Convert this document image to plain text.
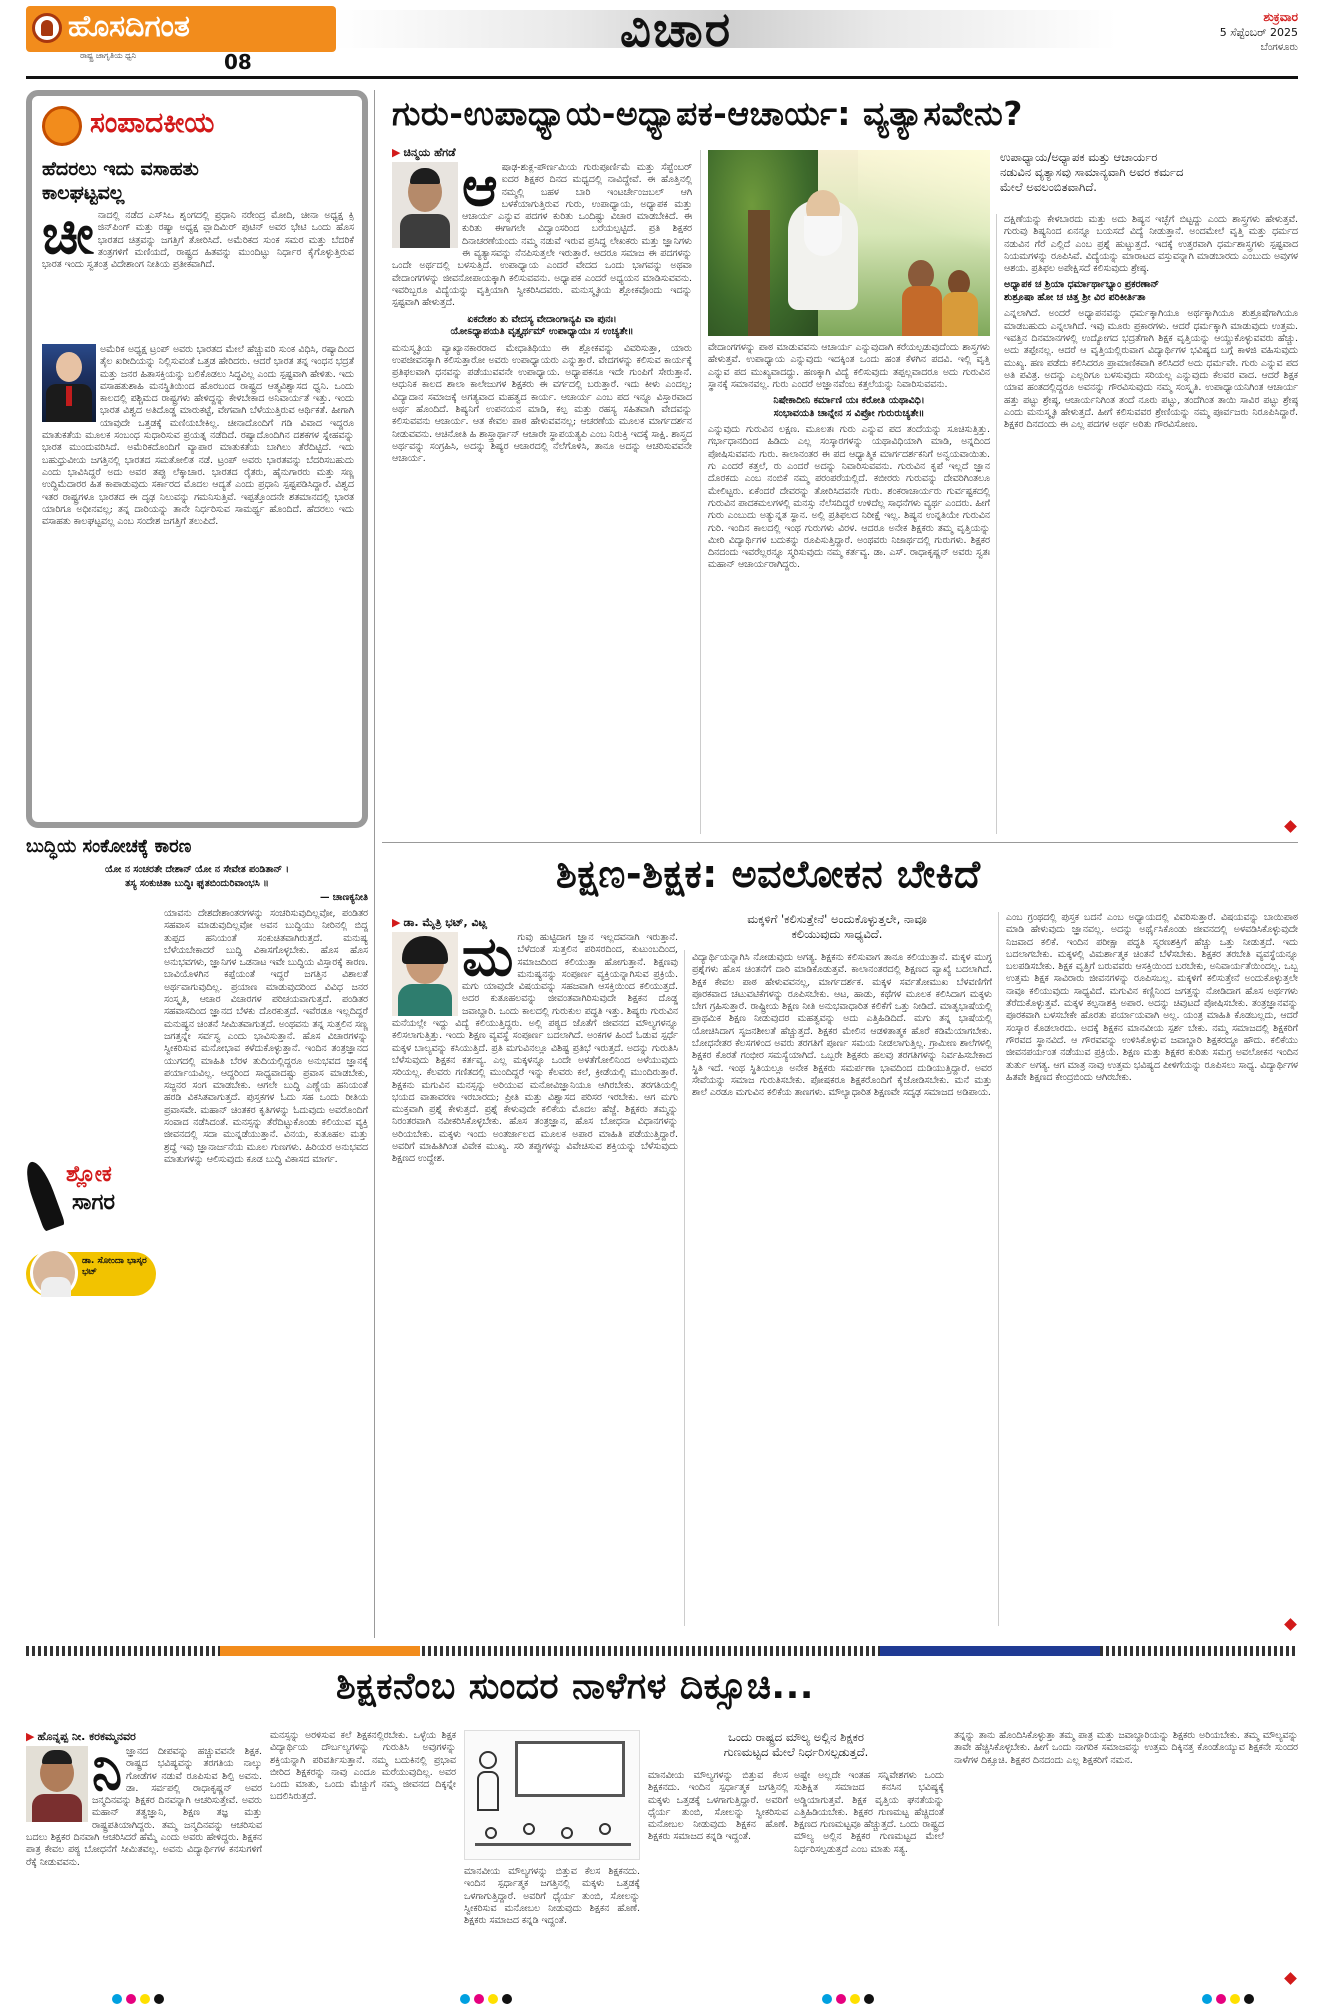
ಹೊಸದಿಗಂತ
ರಾಷ್ಟ್ರ ಜಾಗೃತಿಯ ಧ್ವನಿ	08
ವಿಚಾರ	ಶುಕ್ರವಾರ
5 ಸೆಪ್ಟೆಂಬರ್ 2025
ಬೆಂಗಳೂರು
ಸಂಪಾದಕೀಯ
ಹೆದರಲು ಇದು ವಸಾಹತು
ಕಾಲಘಟ್ಟವಲ್ಲ
ಚೀ ನಾದಲ್ಲಿ ನಡೆದ ಎಸ್‌ಸಿಒ ಶೃಂಗದಲ್ಲಿ ಪ್ರಧಾನಿ ನರೇಂದ್ರ ಮೋದಿ, ಚೀನಾ ಅಧ್ಯಕ್ಷ ಕ್ಸಿ ಜಿನ್‌ಪಿಂಗ್ ಮತ್ತು ರಷ್ಯಾ ಅಧ್ಯಕ್ಷ ವ್ಲಾದಿಮಿರ್ ಪುಟಿನ್ ಅವರ ಭೇಟಿ ಒಂದು ಹೊಸ ಭಾರತದ ಚಿತ್ರವನ್ನು ಜಗತ್ತಿಗೆ ತೋರಿಸಿದೆ. ಅಮೆರಿಕದ ಸುಂಕ ಸಮರ ಮತ್ತು ಬೆದರಿಕೆ ತಂತ್ರಗಳಿಗೆ ಮಣಿಯದೆ, ರಾಷ್ಟ್ರದ ಹಿತವನ್ನು ಮುಂದಿಟ್ಟು ನಿರ್ಧಾರ ಕೈಗೊಳ್ಳುತ್ತಿರುವ ಭಾರತ ಇಂದು ಸ್ವತಂತ್ರ ವಿದೇಶಾಂಗ ನೀತಿಯ ಪ್ರತೀಕವಾಗಿದೆ.
ಅಮೆರಿಕ ಅಧ್ಯಕ್ಷ ಟ್ರಂಪ್ ಅವರು ಭಾರತದ ಮೇಲೆ ಹೆಚ್ಚುವರಿ ಸುಂಕ ವಿಧಿಸಿ, ರಷ್ಯಾದಿಂದ ತೈಲ ಖರೀದಿಯನ್ನು ನಿಲ್ಲಿಸುವಂತೆ ಒತ್ತಡ ಹೇರಿದರು. ಆದರೆ ಭಾರತ ತನ್ನ ಇಂಧನ ಭದ್ರತೆ ಮತ್ತು ಜನರ ಹಿತಾಸಕ್ತಿಯನ್ನು ಬಲಿಕೊಡಲು ಸಿದ್ಧವಿಲ್ಲ ಎಂದು ಸ್ಪಷ್ಟವಾಗಿ ಹೇಳಿತು. ಇದು ವಸಾಹತುಶಾಹಿ ಮನಸ್ಥಿತಿಯಿಂದ ಹೊರಬಂದ ರಾಷ್ಟ್ರದ ಆತ್ಮವಿಶ್ವಾಸದ ಧ್ವನಿ. ಒಂದು ಕಾಲದಲ್ಲಿ ಪಶ್ಚಿಮದ ರಾಷ್ಟ್ರಗಳು ಹೇಳಿದ್ದನ್ನು ಕೇಳಬೇಕಾದ ಅನಿವಾರ್ಯತೆ ಇತ್ತು. ಇಂದು ಭಾರತ ವಿಶ್ವದ ಅತಿದೊಡ್ಡ ಮಾರುಕಟ್ಟೆ, ವೇಗವಾಗಿ ಬೆಳೆಯುತ್ತಿರುವ ಆರ್ಥಿಕತೆ. ಹೀಗಾಗಿ ಯಾವುದೇ ಒತ್ತಡಕ್ಕೆ ಮಣಿಯಬೇಕಿಲ್ಲ. ಚೀನಾದೊಂದಿಗೆ ಗಡಿ ವಿವಾದ ಇದ್ದರೂ ಮಾತುಕತೆಯ ಮೂಲಕ ಸಂಬಂಧ ಸುಧಾರಿಸುವ ಪ್ರಯತ್ನ ನಡೆದಿದೆ. ರಷ್ಯಾದೊಂದಿಗಿನ ದಶಕಗಳ ಸ್ನೇಹವನ್ನು ಭಾರತ ಮುಂದುವರಿಸಿದೆ. ಅಮೆರಿಕದೊಂದಿಗೆ ವ್ಯಾಪಾರ ಮಾತುಕತೆಯ ಬಾಗಿಲು ತೆರೆದಿಟ್ಟಿದೆ. ಇದು ಬಹುಧ್ರುವೀಯ ಜಗತ್ತಿನಲ್ಲಿ ಭಾರತದ ಸಮತೋಲಿತ ನಡೆ. ಟ್ರಂಪ್ ಅವರು ಭಾರತವನ್ನು ಬೆದರಿಸಬಹುದು ಎಂದು ಭಾವಿಸಿದ್ದರೆ ಅದು ಅವರ ತಪ್ಪು ಲೆಕ್ಕಾಚಾರ. ಭಾರತದ ರೈತರು, ಹೈನುಗಾರರು ಮತ್ತು ಸಣ್ಣ ಉದ್ದಿಮೆದಾರರ ಹಿತ ಕಾಪಾಡುವುದು ಸರ್ಕಾರದ ಮೊದಲ ಆದ್ಯತೆ ಎಂದು ಪ್ರಧಾನಿ ಸ್ಪಷ್ಟಪಡಿಸಿದ್ದಾರೆ. ವಿಶ್ವದ ಇತರ ರಾಷ್ಟ್ರಗಳೂ ಭಾರತದ ಈ ದೃಢ ನಿಲುವನ್ನು ಗಮನಿಸುತ್ತಿವೆ. ಇಪ್ಪತ್ತೊಂದನೇ ಶತಮಾನದಲ್ಲಿ ಭಾರತ ಯಾರಿಗೂ ಅಧೀನವಲ್ಲ; ತನ್ನ ದಾರಿಯನ್ನು ತಾನೇ ನಿರ್ಧರಿಸುವ ಸಾಮರ್ಥ್ಯ ಹೊಂದಿದೆ. ಹೆದರಲು ಇದು ವಸಾಹತು ಕಾಲಘಟ್ಟವಲ್ಲ ಎಂಬ ಸಂದೇಶ ಜಗತ್ತಿಗೆ ತಲುಪಿದೆ.
ಬುದ್ಧಿಯ ಸಂಕೋಚಕ್ಕೆ ಕಾರಣ
ಯೋ ನ ಸಂಚರತೇ ದೇಶಾನ್ ಯೋ ನ ಸೇವೇತ ಪಂಡಿತಾನ್ ।
ತಸ್ಯ ಸಂಕುಚಿತಾ ಬುದ್ಧಿಃ ಘೃತಬಿಂದುರಿವಾಂಭಸಿ ॥
— ಚಾಣಕ್ಯನೀತಿ
ಯಾವನು ದೇಶದೇಶಾಂತರಗಳನ್ನು ಸಂಚರಿಸುವುದಿಲ್ಲವೋ, ಪಂಡಿತರ ಸಹವಾಸ ಮಾಡುವುದಿಲ್ಲವೋ ಅವನ ಬುದ್ಧಿಯು ನೀರಿನಲ್ಲಿ ಬಿದ್ದ ತುಪ್ಪದ ಹನಿಯಂತೆ ಸಂಕುಚಿತವಾಗಿರುತ್ತದೆ. ಮನುಷ್ಯ ಬೆಳೆಯಬೇಕಾದರೆ ಬುದ್ಧಿ ವಿಕಾಸಗೊಳ್ಳಬೇಕು. ಹೊಸ ಹೊಸ ಅನುಭವಗಳು, ಜ್ಞಾನಿಗಳ ಒಡನಾಟ ಇವೇ ಬುದ್ಧಿಯ ವಿಸ್ತಾರಕ್ಕೆ ಕಾರಣ. ಬಾವಿಯೊಳಗಿನ ಕಪ್ಪೆಯಂತೆ ಇದ್ದರೆ ಜಗತ್ತಿನ ವಿಶಾಲತೆ ಅರ್ಥವಾಗುವುದಿಲ್ಲ. ಪ್ರಯಾಣ ಮಾಡುವುದರಿಂದ ವಿವಿಧ ಜನರ ಸಂಸ್ಕೃತಿ, ಆಚಾರ ವಿಚಾರಗಳ ಪರಿಚಯವಾಗುತ್ತದೆ. ಪಂಡಿತರ ಸಹವಾಸದಿಂದ ಜ್ಞಾನದ ಬೆಳಕು ದೊರಕುತ್ತದೆ. ಇವೆರಡೂ ಇಲ್ಲದಿದ್ದರೆ ಮನುಷ್ಯನ ಚಿಂತನೆ ಸೀಮಿತವಾಗುತ್ತದೆ. ಅಂಥವನು ತನ್ನ ಸುತ್ತಲಿನ ಸಣ್ಣ ಜಗತ್ತನ್ನೇ ಸರ್ವಸ್ವ ಎಂದು ಭಾವಿಸುತ್ತಾನೆ. ಹೊಸ ವಿಚಾರಗಳನ್ನು ಸ್ವೀಕರಿಸುವ ಮನೋಭಾವ ಕಳೆದುಕೊಳ್ಳುತ್ತಾನೆ. ಇಂದಿನ ತಂತ್ರಜ್ಞಾನದ ಯುಗದಲ್ಲಿ ಮಾಹಿತಿ ಬೆರಳ ತುದಿಯಲ್ಲಿದ್ದರೂ ಅನುಭವದ ಜ್ಞಾನಕ್ಕೆ ಪರ್ಯಾಯವಿಲ್ಲ. ಆದ್ದರಿಂದ ಸಾಧ್ಯವಾದಷ್ಟು ಪ್ರವಾಸ ಮಾಡಬೇಕು, ಸಜ್ಜನರ ಸಂಗ ಮಾಡಬೇಕು. ಆಗಲೇ ಬುದ್ಧಿ ಎಣ್ಣೆಯ ಹನಿಯಂತೆ ಹರಡಿ ವಿಕಸಿತವಾಗುತ್ತದೆ. ಪುಸ್ತಕಗಳ ಓದು ಸಹ ಒಂದು ರೀತಿಯ ಪ್ರವಾಸವೇ. ಮಹಾನ್ ಚಿಂತಕರ ಕೃತಿಗಳನ್ನು ಓದುವುದು ಅವರೊಂದಿಗೆ ಸಂವಾದ ನಡೆಸಿದಂತೆ. ಮನಸ್ಸನ್ನು ತೆರೆದಿಟ್ಟುಕೊಂಡು ಕಲಿಯುವ ವ್ಯಕ್ತಿ ಜೀವನದಲ್ಲಿ ಸದಾ ಮುನ್ನಡೆಯುತ್ತಾನೆ. ವಿನಯ, ಕುತೂಹಲ ಮತ್ತು ಶ್ರದ್ಧೆ ಇವು ಜ್ಞಾನಾರ್ಜನೆಯ ಮೂಲ ಗುಣಗಳು. ಹಿರಿಯರ ಅನುಭವದ ಮಾತುಗಳನ್ನು ಆಲಿಸುವುದು ಕೂಡ ಬುದ್ಧಿ ವಿಕಾಸದ ಮಾರ್ಗ.
ಶ್ಲೋಕ
ಸಾಗರ
ಡಾ. ಸೋಂದಾ ಭಾಸ್ಕರ ಭಟ್
ಗುರು-ಉಪಾಧ್ಯಾಯ-ಅಧ್ಯಾಪಕ-ಆಚಾರ್ಯ: ವ್ಯತ್ಯಾಸವೇನು?
▶ ಚಿನ್ಮಯ ಹೆಗಡೆ
ಆ ಷಾಢ-ಶುಕ್ಲ-ಪೌರ್ಣಮಿಯ ಗುರುಪೂರ್ಣಿಮೆ ಮತ್ತು ಸೆಪ್ಟೆಂಬರ್ ಐದರ ಶಿಕ್ಷಕರ ದಿನದ ಮಧ್ಯದಲ್ಲಿ ನಾವಿದ್ದೇವೆ. ಈ ಹೊತ್ತಿನಲ್ಲಿ ನಮ್ಮಲ್ಲಿ ಬಹಳ ಬಾರಿ ಇಂಟರ್ಚೇಂಜಬಲ್ ಆಗಿ ಬಳಕೆಯಾಗುತ್ತಿರುವ ಗುರು, ಉಪಾಧ್ಯಾಯ, ಅಧ್ಯಾಪಕ ಮತ್ತು ಆಚಾರ್ಯ ಎನ್ನುವ ಪದಗಳ ಕುರಿತು ಒಂದಿಷ್ಟು ವಿಚಾರ ಮಾಡಬೇಕಿದೆ. ಈ ಕುರಿತು ಈಗಾಗಲೇ ವಿದ್ವಾಂಸರಿಂದ ಬರೆಯಲ್ಪಟ್ಟಿದೆ. ಪ್ರತಿ ಶಿಕ್ಷಕರ ದಿನಾಚರಣೆಯಂದು ನಮ್ಮ ನಡುವೆ ಇರುವ ಪ್ರಸಿದ್ಧ ಲೇಖಕರು ಮತ್ತು ಜ್ಞಾನಿಗಳು ಈ ವ್ಯತ್ಯಾಸವನ್ನು ನೆನಪಿಸುತ್ತಲೇ ಇರುತ್ತಾರೆ. ಆದರೂ ಸಮಾಜ ಈ ಪದಗಳನ್ನು ಒಂದೇ ಅರ್ಥದಲ್ಲಿ ಬಳಸುತ್ತಿದೆ. ಉಪಾಧ್ಯಾಯ ಎಂದರೆ ವೇದದ ಒಂದು ಭಾಗವನ್ನು ಅಥವಾ ವೇದಾಂಗಗಳನ್ನು ಜೀವನೋಪಾಯಕ್ಕಾಗಿ ಕಲಿಸುವವನು. ಅಧ್ಯಾಪಕ ಎಂದರೆ ಅಧ್ಯಯನ ಮಾಡಿಸುವವನು. ಇವರಿಬ್ಬರೂ ವಿದ್ಯೆಯನ್ನು ವೃತ್ತಿಯಾಗಿ ಸ್ವೀಕರಿಸಿದವರು. ಮನುಸ್ಮೃತಿಯ ಶ್ಲೋಕವೊಂದು ಇದನ್ನು ಸ್ಪಷ್ಟವಾಗಿ ಹೇಳುತ್ತದೆ.
ಏಕದೇಶಂ ತು ವೇದಸ್ಯ ವೇದಾಂಗಾನ್ಯಪಿ ವಾ ಪುನಃ।
ಯೋಽಧ್ಯಾಪಯತಿ ವೃತ್ತ್ಯರ್ಥಮ್ ಉಪಾಧ್ಯಾಯಃ ಸ ಉಚ್ಯತೇ॥
ಮನುಸ್ಮೃತಿಯ ವ್ಯಾಖ್ಯಾನಕಾರರಾದ ಮೇಧಾತಿಥಿಯು ಈ ಶ್ಲೋಕವನ್ನು ವಿವರಿಸುತ್ತಾ, ಯಾರು ಉಪಜೀವನಕ್ಕಾಗಿ ಕಲಿಸುತ್ತಾರೋ ಅವರು ಉಪಾಧ್ಯಾಯರು ಎನ್ನುತ್ತಾರೆ. ವೇದಗಳನ್ನು ಕಲಿಸುವ ಕಾರ್ಯಕ್ಕೆ ಪ್ರತಿಫಲವಾಗಿ ಧನವನ್ನು ಪಡೆಯುವವನೇ ಉಪಾಧ್ಯಾಯ. ಅಧ್ಯಾಪಕನೂ ಇದೇ ಗುಂಪಿಗೆ ಸೇರುತ್ತಾನೆ. ಆಧುನಿಕ ಕಾಲದ ಶಾಲಾ ಕಾಲೇಜುಗಳ ಶಿಕ್ಷಕರು ಈ ವರ್ಗದಲ್ಲಿ ಬರುತ್ತಾರೆ. ಇದು ಕೀಳು ಎಂದಲ್ಲ; ವಿದ್ಯಾದಾನ ಸಮಾಜಕ್ಕೆ ಅಗತ್ಯವಾದ ಮಹತ್ವದ ಕಾರ್ಯ. ಆಚಾರ್ಯ ಎಂಬ ಪದ ಇನ್ನೂ ವಿಸ್ತಾರವಾದ ಅರ್ಥ ಹೊಂದಿದೆ. ಶಿಷ್ಯನಿಗೆ ಉಪನಯನ ಮಾಡಿ, ಕಲ್ಪ ಮತ್ತು ರಹಸ್ಯ ಸಹಿತವಾಗಿ ವೇದವನ್ನು ಕಲಿಸುವವನು ಆಚಾರ್ಯ. ಆತ ಕೇವಲ ಪಾಠ ಹೇಳುವವನಲ್ಲ; ಆಚರಣೆಯ ಮೂಲಕ ಮಾರ್ಗದರ್ಶನ ನೀಡುವವನು. ಆಚಿನೋತಿ ಹಿ ಶಾಸ್ತ್ರಾರ್ಥಾನ್ ಆಚಾರೇ ಸ್ಥಾಪಯತ್ಯಪಿ ಎಂಬ ನಿರುಕ್ತಿ ಇದಕ್ಕೆ ಸಾಕ್ಷಿ. ಶಾಸ್ತ್ರದ ಅರ್ಥವನ್ನು ಸಂಗ್ರಹಿಸಿ, ಅದನ್ನು ಶಿಷ್ಯರ ಆಚಾರದಲ್ಲಿ ನೆಲೆಗೊಳಿಸಿ, ತಾನೂ ಅದನ್ನು ಆಚರಿಸುವವನೇ ಆಚಾರ್ಯ.
ಉಪಾಧ್ಯಾಯ/ಅಧ್ಯಾಪಕ ಮತ್ತು ಆಚಾರ್ಯರ
ನಡುವಿನ ವ್ಯತ್ಯಾಸವು ಸಾಮಾನ್ಯವಾಗಿ ಅವರ ಕರ್ಮದ
ಮೇಲೆ ಅವಲಂಬಿತವಾಗಿದೆ.
ವೇದಾಂಗಗಳನ್ನು ಪಾಠ ಮಾಡುವವನು ಆಚಾರ್ಯ ಎನ್ನುವುದಾಗಿ ಕರೆಯಲ್ಪಡುವುದೆಂದು ಶಾಸ್ತ್ರಗಳು ಹೇಳುತ್ತವೆ. ಉಪಾಧ್ಯಾಯ ಎನ್ನುವುದು ಇದಕ್ಕಿಂತ ಒಂದು ಹಂತ ಕೆಳಗಿನ ಪದವಿ. ಇಲ್ಲಿ ವೃತ್ತಿ ಎನ್ನುವ ಪದ ಮುಖ್ಯವಾದದ್ದು. ಹಣಕ್ಕಾಗಿ ವಿದ್ಯೆ ಕಲಿಸುವುದು ತಪ್ಪಲ್ಲವಾದರೂ ಅದು ಗುರುವಿನ ಸ್ಥಾನಕ್ಕೆ ಸಮಾನವಲ್ಲ. ಗುರು ಎಂದರೆ ಅಜ್ಞಾನವೆಂಬ ಕತ್ತಲೆಯನ್ನು ನಿವಾರಿಸುವವನು.
ನಿಷೇಕಾದೀನಿ ಕರ್ಮಾಣಿ ಯಃ ಕರೋತಿ ಯಥಾವಿಧಿ।
ಸಂಭಾವಯತಿ ಚಾನ್ನೇನ ಸ ವಿಪ್ರೋ ಗುರುರುಚ್ಯತೇ॥
ಎನ್ನುವುದು ಗುರುವಿನ ಲಕ್ಷಣ. ಮೂಲತಃ ಗುರು ಎನ್ನುವ ಪದ ತಂದೆಯನ್ನು ಸೂಚಿಸುತ್ತಿತ್ತು. ಗರ್ಭಾಧಾನದಿಂದ ಹಿಡಿದು ಎಲ್ಲ ಸಂಸ್ಕಾರಗಳನ್ನು ಯಥಾವಿಧಿಯಾಗಿ ಮಾಡಿ, ಅನ್ನದಿಂದ ಪೋಷಿಸುವವನು ಗುರು. ಕಾಲಾನಂತರ ಈ ಪದ ಆಧ್ಯಾತ್ಮಿಕ ಮಾರ್ಗದರ್ಶಕನಿಗೆ ಅನ್ವಯವಾಯಿತು. ಗು ಎಂದರೆ ಕತ್ತಲೆ, ರು ಎಂದರೆ ಅದನ್ನು ನಿವಾರಿಸುವವನು. ಗುರುವಿನ ಕೃಪೆ ಇಲ್ಲದೆ ಜ್ಞಾನ ದೊರಕದು ಎಂಬ ನಂಬಿಕೆ ನಮ್ಮ ಪರಂಪರೆಯಲ್ಲಿದೆ. ಕಬೀರರು ಗುರುವನ್ನು ದೇವರಿಗಿಂತಲೂ ಮೇಲಿಟ್ಟರು. ಏಕೆಂದರೆ ದೇವರನ್ನು ತೋರಿಸಿದವನೇ ಗುರು. ಶಂಕರಾಚಾರ್ಯರು ಗುರ್ವಷ್ಟಕದಲ್ಲಿ ಗುರುವಿನ ಪಾದಕಮಲಗಳಲ್ಲಿ ಮನಸ್ಸು ನೆಲೆಸದಿದ್ದರೆ ಉಳಿದೆಲ್ಲ ಸಾಧನೆಗಳು ವ್ಯರ್ಥ ಎಂದರು. ಹೀಗೆ ಗುರು ಎಂಬುದು ಅತ್ಯುನ್ನತ ಸ್ಥಾನ. ಅಲ್ಲಿ ಪ್ರತಿಫಲದ ನಿರೀಕ್ಷೆ ಇಲ್ಲ. ಶಿಷ್ಯನ ಉನ್ನತಿಯೇ ಗುರುವಿನ ಗುರಿ. ಇಂದಿನ ಕಾಲದಲ್ಲಿ ಇಂಥ ಗುರುಗಳು ವಿರಳ. ಆದರೂ ಅನೇಕ ಶಿಕ್ಷಕರು ತಮ್ಮ ವೃತ್ತಿಯನ್ನು ಮೀರಿ ವಿದ್ಯಾರ್ಥಿಗಳ ಬದುಕನ್ನು ರೂಪಿಸುತ್ತಿದ್ದಾರೆ. ಅಂಥವರು ನಿಜಾರ್ಥದಲ್ಲಿ ಗುರುಗಳು. ಶಿಕ್ಷಕರ ದಿನದಂದು ಇವರೆಲ್ಲರನ್ನೂ ಸ್ಮರಿಸುವುದು ನಮ್ಮ ಕರ್ತವ್ಯ. ಡಾ. ಎಸ್. ರಾಧಾಕೃಷ್ಣನ್ ಅವರು ಸ್ವತಃ ಮಹಾನ್ ಆಚಾರ್ಯರಾಗಿದ್ದರು.
ದಕ್ಷಿಣೆಯನ್ನು ಕೇಳಬಾರದು ಮತ್ತು ಅದು ಶಿಷ್ಯನ ಇಚ್ಛೆಗೆ ಬಿಟ್ಟದ್ದು ಎಂದು ಶಾಸ್ತ್ರಗಳು ಹೇಳುತ್ತವೆ. ಗುರುವು ಶಿಷ್ಯನಿಂದ ಏನನ್ನೂ ಬಯಸದೆ ವಿದ್ಯೆ ನೀಡುತ್ತಾನೆ. ಅಂದಮೇಲೆ ವೃತ್ತಿ ಮತ್ತು ಧರ್ಮದ ನಡುವಿನ ಗೆರೆ ಎಲ್ಲಿದೆ ಎಂಬ ಪ್ರಶ್ನೆ ಹುಟ್ಟುತ್ತದೆ. ಇದಕ್ಕೆ ಉತ್ತರವಾಗಿ ಧರ್ಮಶಾಸ್ತ್ರಗಳು ಸ್ಪಷ್ಟವಾದ ನಿಯಮಗಳನ್ನು ರೂಪಿಸಿವೆ. ವಿದ್ಯೆಯನ್ನು ಮಾರಾಟದ ವಸ್ತುವನ್ನಾಗಿ ಮಾಡಬಾರದು ಎಂಬುದು ಅವುಗಳ ಆಶಯ. ಪ್ರತಿಫಲ ಅಪೇಕ್ಷಿಸದೆ ಕಲಿಸುವುದು ಶ್ರೇಷ್ಠ.
ಅಧ್ಯಾಪಕ ಚ ಶ್ರಿಯಾ ಧರ್ಮಾರ್ಥಾಭ್ಯಾಂ ಪ್ರಕರಣಾನ್
ಶುಶ್ರೂಷಾ ಹೋ ಚ ಚಿತ್ತ ಶ್ರೀ ವಿರ ಪರಿಕೀರ್ತಿತಾ
ಎನ್ನಲಾಗಿದೆ. ಅಂದರೆ ಅಧ್ಯಾಪನವನ್ನು ಧರ್ಮಕ್ಕಾಗಿಯೂ ಅರ್ಥಕ್ಕಾಗಿಯೂ ಶುಶ್ರೂಷೆಗಾಗಿಯೂ ಮಾಡಬಹುದು ಎನ್ನಲಾಗಿದೆ. ಇವು ಮೂರು ಪ್ರಕಾರಗಳು. ಆದರೆ ಧರ್ಮಕ್ಕಾಗಿ ಮಾಡುವುದು ಉತ್ತಮ. ಇವತ್ತಿನ ದಿನಮಾನಗಳಲ್ಲಿ ಉದ್ಯೋಗದ ಭದ್ರತೆಗಾಗಿ ಶಿಕ್ಷಕ ವೃತ್ತಿಯನ್ನು ಆಯ್ದುಕೊಳ್ಳುವವರು ಹೆಚ್ಚು. ಅದು ತಪ್ಪೇನಲ್ಲ. ಆದರೆ ಆ ವೃತ್ತಿಯಲ್ಲಿರುವಾಗ ವಿದ್ಯಾರ್ಥಿಗಳ ಭವಿಷ್ಯದ ಬಗ್ಗೆ ಕಾಳಜಿ ವಹಿಸುವುದು ಮುಖ್ಯ. ಹಣ ಪಡೆದು ಕಲಿಸಿದರೂ ಪ್ರಾಮಾಣಿಕವಾಗಿ ಕಲಿಸಿದರೆ ಅದು ಧರ್ಮವೇ. ಗುರು ಎನ್ನುವ ಪದ ಅತಿ ಪವಿತ್ರ. ಅದನ್ನು ಎಲ್ಲರಿಗೂ ಬಳಸುವುದು ಸರಿಯಲ್ಲ ಎನ್ನುವುದು ಕೆಲವರ ವಾದ. ಆದರೆ ಶಿಕ್ಷಕ ಯಾವ ಹಂತದಲ್ಲಿದ್ದರೂ ಅವನನ್ನು ಗೌರವಿಸುವುದು ನಮ್ಮ ಸಂಸ್ಕೃತಿ. ಉಪಾಧ್ಯಾಯನಿಗಿಂತ ಆಚಾರ್ಯ ಹತ್ತು ಪಟ್ಟು ಶ್ರೇಷ್ಠ, ಆಚಾರ್ಯನಿಗಿಂತ ತಂದೆ ನೂರು ಪಟ್ಟು, ತಂದೆಗಿಂತ ತಾಯಿ ಸಾವಿರ ಪಟ್ಟು ಶ್ರೇಷ್ಠ ಎಂದು ಮನುಸ್ಮೃತಿ ಹೇಳುತ್ತದೆ. ಹೀಗೆ ಕಲಿಸುವವರ ಶ್ರೇಣಿಯನ್ನು ನಮ್ಮ ಪೂರ್ವಜರು ನಿರೂಪಿಸಿದ್ದಾರೆ. ಶಿಕ್ಷಕರ ದಿನದಂದು ಈ ಎಲ್ಲ ಪದಗಳ ಅರ್ಥ ಅರಿತು ಗೌರವಿಸೋಣ.
ಶಿಕ್ಷಣ-ಶಿಕ್ಷಕ: ಅವಲೋಕನ ಬೇಕಿದೆ
▶ ಡಾ. ಮೈತ್ರಿ ಭಟ್, ವಿಟ್ಲ	ಮಕ್ಕಳಿಗೆ 'ಕಲಿಸುತ್ತೇನೆ' ಅಂದುಕೊಳ್ಳುತ್ತಲೇ, ನಾವೂ
ಕಲಿಯುವುದು ಸಾಧ್ಯವಿದೆ.
ಮ ಗುವು ಹುಟ್ಟಿದಾಗ ಜ್ಞಾನ ಇಲ್ಲದವನಾಗಿ ಇರುತ್ತಾನೆ. ಬೆಳೆದಂತೆ ಸುತ್ತಲಿನ ಪರಿಸರದಿಂದ, ಕುಟುಂಬದಿಂದ, ಸಮಾಜದಿಂದ ಕಲಿಯುತ್ತಾ ಹೋಗುತ್ತಾನೆ. ಶಿಕ್ಷಣವು ಮನುಷ್ಯನನ್ನು ಸಂಪೂರ್ಣ ವ್ಯಕ್ತಿಯನ್ನಾಗಿಸುವ ಪ್ರಕ್ರಿಯೆ. ಮಗು ಯಾವುದೇ ವಿಷಯವನ್ನು ಸಹಜವಾಗಿ ಆಸಕ್ತಿಯಿಂದ ಕಲಿಯುತ್ತದೆ. ಅದರ ಕುತೂಹಲವನ್ನು ಜೀವಂತವಾಗಿರಿಸುವುದೇ ಶಿಕ್ಷಕನ ದೊಡ್ಡ ಜವಾಬ್ದಾರಿ. ಒಂದು ಕಾಲದಲ್ಲಿ ಗುರುಕುಲ ಪದ್ಧತಿ ಇತ್ತು. ಶಿಷ್ಯರು ಗುರುವಿನ ಮನೆಯಲ್ಲೇ ಇದ್ದು ವಿದ್ಯೆ ಕಲಿಯುತ್ತಿದ್ದರು. ಅಲ್ಲಿ ಪಠ್ಯದ ಜೊತೆಗೆ ಜೀವನದ ಮೌಲ್ಯಗಳನ್ನೂ ಕಲಿಸಲಾಗುತ್ತಿತ್ತು. ಇಂದು ಶಿಕ್ಷಣ ವ್ಯವಸ್ಥೆ ಸಂಪೂರ್ಣ ಬದಲಾಗಿದೆ. ಅಂಕಗಳ ಹಿಂದೆ ಓಡುವ ಸ್ಪರ್ಧೆ ಮಕ್ಕಳ ಬಾಲ್ಯವನ್ನು ಕಸಿಯುತ್ತಿದೆ. ಪ್ರತಿ ಮಗುವಿನಲ್ಲೂ ವಿಶಿಷ್ಟ ಪ್ರತಿಭೆ ಇರುತ್ತದೆ. ಅದನ್ನು ಗುರುತಿಸಿ ಬೆಳೆಸುವುದು ಶಿಕ್ಷಕನ ಕರ್ತವ್ಯ. ಎಲ್ಲ ಮಕ್ಕಳನ್ನೂ ಒಂದೇ ಅಳತೆಗೋಲಿನಿಂದ ಅಳೆಯುವುದು ಸರಿಯಲ್ಲ. ಕೆಲವರು ಗಣಿತದಲ್ಲಿ ಮುಂದಿದ್ದರೆ ಇನ್ನು ಕೆಲವರು ಕಲೆ, ಕ್ರೀಡೆಯಲ್ಲಿ ಮುಂದಿರುತ್ತಾರೆ. ಶಿಕ್ಷಕನು ಮಗುವಿನ ಮನಸ್ಸನ್ನು ಅರಿಯುವ ಮನೋವಿಜ್ಞಾನಿಯೂ ಆಗಿರಬೇಕು. ತರಗತಿಯಲ್ಲಿ ಭಯದ ವಾತಾವರಣ ಇರಬಾರದು; ಪ್ರೀತಿ ಮತ್ತು ವಿಶ್ವಾಸದ ಪರಿಸರ ಇರಬೇಕು. ಆಗ ಮಗು ಮುಕ್ತವಾಗಿ ಪ್ರಶ್ನೆ ಕೇಳುತ್ತದೆ. ಪ್ರಶ್ನೆ ಕೇಳುವುದೇ ಕಲಿಕೆಯ ಮೊದಲ ಹೆಜ್ಜೆ. ಶಿಕ್ಷಕರು ತಮ್ಮನ್ನು ನಿರಂತರವಾಗಿ ನವೀಕರಿಸಿಕೊಳ್ಳಬೇಕು. ಹೊಸ ತಂತ್ರಜ್ಞಾನ, ಹೊಸ ಬೋಧನಾ ವಿಧಾನಗಳನ್ನು ಅರಿಯಬೇಕು. ಮಕ್ಕಳು ಇಂದು ಅಂತರ್ಜಾಲದ ಮೂಲಕ ಅಪಾರ ಮಾಹಿತಿ ಪಡೆಯುತ್ತಿದ್ದಾರೆ. ಅವರಿಗೆ ಮಾಹಿತಿಗಿಂತ ವಿವೇಕ ಮುಖ್ಯ. ಸರಿ ತಪ್ಪುಗಳನ್ನು ವಿವೇಚಿಸುವ ಶಕ್ತಿಯನ್ನು ಬೆಳೆಸುವುದು ಶಿಕ್ಷಣದ ಉದ್ದೇಶ.
ವಿದ್ಯಾರ್ಥಿಯನ್ನಾಗಿಸಿ ನೋಡುವುದು ಅಗತ್ಯ. ಶಿಕ್ಷಕನು ಕಲಿಸುವಾಗ ತಾನೂ ಕಲಿಯುತ್ತಾನೆ. ಮಕ್ಕಳ ಮುಗ್ಧ ಪ್ರಶ್ನೆಗಳು ಹೊಸ ಚಿಂತನೆಗೆ ದಾರಿ ಮಾಡಿಕೊಡುತ್ತವೆ. ಕಾಲಾನಂತರದಲ್ಲಿ ಶಿಕ್ಷಣದ ವ್ಯಾಖ್ಯೆ ಬದಲಾಗಿದೆ. ಶಿಕ್ಷಕ ಕೇವಲ ಪಾಠ ಹೇಳುವವನಲ್ಲ, ಮಾರ್ಗದರ್ಶಕ. ಮಕ್ಕಳ ಸರ್ವತೋಮುಖ ಬೆಳವಣಿಗೆಗೆ ಪೂರಕವಾದ ಚಟುವಟಿಕೆಗಳನ್ನು ರೂಪಿಸಬೇಕು. ಆಟ, ಹಾಡು, ಕಥೆಗಳ ಮೂಲಕ ಕಲಿಸಿದಾಗ ಮಕ್ಕಳು ಬೇಗ ಗ್ರಹಿಸುತ್ತಾರೆ. ರಾಷ್ಟ್ರೀಯ ಶಿಕ್ಷಣ ನೀತಿ ಅನುಭವಾಧಾರಿತ ಕಲಿಕೆಗೆ ಒತ್ತು ನೀಡಿದೆ. ಮಾತೃಭಾಷೆಯಲ್ಲಿ ಪ್ರಾಥಮಿಕ ಶಿಕ್ಷಣ ನೀಡುವುದರ ಮಹತ್ವವನ್ನು ಅದು ಎತ್ತಿಹಿಡಿದಿದೆ. ಮಗು ತನ್ನ ಭಾಷೆಯಲ್ಲಿ ಯೋಚಿಸಿದಾಗ ಸೃಜನಶೀಲತೆ ಹೆಚ್ಚುತ್ತದೆ. ಶಿಕ್ಷಕರ ಮೇಲಿನ ಆಡಳಿತಾತ್ಮಕ ಹೊರೆ ಕಡಿಮೆಯಾಗಬೇಕು. ಬೋಧನೇತರ ಕೆಲಸಗಳಿಂದ ಅವರು ತರಗತಿಗೆ ಪೂರ್ಣ ಸಮಯ ನೀಡಲಾಗುತ್ತಿಲ್ಲ. ಗ್ರಾಮೀಣ ಶಾಲೆಗಳಲ್ಲಿ ಶಿಕ್ಷಕರ ಕೊರತೆ ಗಂಭೀರ ಸಮಸ್ಯೆಯಾಗಿದೆ. ಒಬ್ಬರೇ ಶಿಕ್ಷಕರು ಹಲವು ತರಗತಿಗಳನ್ನು ನಿರ್ವಹಿಸಬೇಕಾದ ಸ್ಥಿತಿ ಇದೆ. ಇಂಥ ಸ್ಥಿತಿಯಲ್ಲೂ ಅನೇಕ ಶಿಕ್ಷಕರು ಸಮರ್ಪಣಾ ಭಾವದಿಂದ ದುಡಿಯುತ್ತಿದ್ದಾರೆ. ಅವರ ಸೇವೆಯನ್ನು ಸಮಾಜ ಗುರುತಿಸಬೇಕು. ಪೋಷಕರೂ ಶಿಕ್ಷಕರೊಂದಿಗೆ ಕೈಜೋಡಿಸಬೇಕು. ಮನೆ ಮತ್ತು ಶಾಲೆ ಎರಡೂ ಮಗುವಿನ ಕಲಿಕೆಯ ತಾಣಗಳು. ಮೌಲ್ಯಾಧಾರಿತ ಶಿಕ್ಷಣವೇ ಸದೃಢ ಸಮಾಜದ ಅಡಿಪಾಯ.
ಎಂಬ ಗ್ರಂಥದಲ್ಲಿ ಪುಸ್ತಕ ಬದನೆ ಎಂಬ ಅಧ್ಯಾಯದಲ್ಲಿ ವಿವರಿಸುತ್ತಾರೆ. ವಿಷಯವನ್ನು ಬಾಯಿಪಾಠ ಮಾಡಿ ಹೇಳುವುದು ಜ್ಞಾನವಲ್ಲ. ಅದನ್ನು ಅರ್ಥೈಸಿಕೊಂಡು ಜೀವನದಲ್ಲಿ ಅಳವಡಿಸಿಕೊಳ್ಳುವುದೇ ನಿಜವಾದ ಕಲಿಕೆ. ಇಂದಿನ ಪರೀಕ್ಷಾ ಪದ್ಧತಿ ಸ್ಮರಣಶಕ್ತಿಗೆ ಹೆಚ್ಚು ಒತ್ತು ನೀಡುತ್ತದೆ. ಇದು ಬದಲಾಗಬೇಕು. ಮಕ್ಕಳಲ್ಲಿ ವಿಮರ್ಶಾತ್ಮಕ ಚಿಂತನೆ ಬೆಳೆಸಬೇಕು. ಶಿಕ್ಷಕರ ತರಬೇತಿ ವ್ಯವಸ್ಥೆಯನ್ನೂ ಬಲಪಡಿಸಬೇಕು. ಶಿಕ್ಷಕ ವೃತ್ತಿಗೆ ಬರುವವರು ಆಸಕ್ತಿಯಿಂದ ಬರಬೇಕು, ಅನಿವಾರ್ಯತೆಯಿಂದಲ್ಲ. ಒಬ್ಬ ಉತ್ತಮ ಶಿಕ್ಷಕ ಸಾವಿರಾರು ಜೀವನಗಳನ್ನು ರೂಪಿಸಬಲ್ಲ. ಮಕ್ಕಳಿಗೆ ಕಲಿಸುತ್ತೇನೆ ಅಂದುಕೊಳ್ಳುತ್ತಲೇ ನಾವೂ ಕಲಿಯುವುದು ಸಾಧ್ಯವಿದೆ. ಮಗುವಿನ ಕಣ್ಣಿನಿಂದ ಜಗತ್ತನ್ನು ನೋಡಿದಾಗ ಹೊಸ ಅರ್ಥಗಳು ತೆರೆದುಕೊಳ್ಳುತ್ತವೆ. ಮಕ್ಕಳ ಕಲ್ಪನಾಶಕ್ತಿ ಅಪಾರ. ಅದನ್ನು ಚಿವುಟದೆ ಪೋಷಿಸಬೇಕು. ತಂತ್ರಜ್ಞಾನವನ್ನು ಪೂರಕವಾಗಿ ಬಳಸಬೇಕೇ ಹೊರತು ಪರ್ಯಾಯವಾಗಿ ಅಲ್ಲ. ಯಂತ್ರ ಮಾಹಿತಿ ಕೊಡಬಲ್ಲದು, ಆದರೆ ಸಂಸ್ಕಾರ ಕೊಡಲಾರದು. ಅದಕ್ಕೆ ಶಿಕ್ಷಕನ ಮಾನವೀಯ ಸ್ಪರ್ಶ ಬೇಕು. ನಮ್ಮ ಸಮಾಜದಲ್ಲಿ ಶಿಕ್ಷಕರಿಗೆ ಗೌರವದ ಸ್ಥಾನವಿದೆ. ಆ ಗೌರವವನ್ನು ಉಳಿಸಿಕೊಳ್ಳುವ ಜವಾಬ್ದಾರಿ ಶಿಕ್ಷಕರದ್ದೂ ಹೌದು. ಕಲಿಕೆಯು ಜೀವನಪರ್ಯಂತ ನಡೆಯುವ ಪ್ರಕ್ರಿಯೆ. ಶಿಕ್ಷಣ ಮತ್ತು ಶಿಕ್ಷಕರ ಕುರಿತು ಸಮಗ್ರ ಅವಲೋಕನ ಇಂದಿನ ತುರ್ತು ಅಗತ್ಯ. ಆಗ ಮಾತ್ರ ನಾವು ಉತ್ತಮ ಭವಿಷ್ಯದ ಪೀಳಿಗೆಯನ್ನು ರೂಪಿಸಲು ಸಾಧ್ಯ. ವಿದ್ಯಾರ್ಥಿಗಳ ಹಿತವೇ ಶಿಕ್ಷಣದ ಕೇಂದ್ರಬಿಂದು ಆಗಿರಬೇಕು.
ಶಿಕ್ಷಕನೆಂಬ ಸುಂದರ ನಾಳೆಗಳ ದಿಕ್ಸೂಚಿ...
▶ ಹೊನ್ನಪ್ಪ ನೀ. ಕರಕಮ್ಮನವರ
ನಿ ಜ್ಞಾನದ ದೀಪವನ್ನು ಹಚ್ಚುವವನೇ ಶಿಕ್ಷಕ. ರಾಷ್ಟ್ರದ ಭವಿಷ್ಯವನ್ನು ತರಗತಿಯ ನಾಲ್ಕು ಗೋಡೆಗಳ ನಡುವೆ ರೂಪಿಸುವ ಶಿಲ್ಪಿ ಅವನು. ಡಾ. ಸರ್ವಪಲ್ಲಿ ರಾಧಾಕೃಷ್ಣನ್ ಅವರ ಜನ್ಮದಿನವನ್ನು ಶಿಕ್ಷಕರ ದಿನವನ್ನಾಗಿ ಆಚರಿಸುತ್ತೇವೆ. ಅವರು ಮಹಾನ್ ತತ್ವಜ್ಞಾನಿ, ಶಿಕ್ಷಣ ತಜ್ಞ ಮತ್ತು ರಾಷ್ಟ್ರಪತಿಯಾಗಿದ್ದರು. ತಮ್ಮ ಜನ್ಮದಿನವನ್ನು ಆಚರಿಸುವ ಬದಲು ಶಿಕ್ಷಕರ ದಿನವಾಗಿ ಆಚರಿಸಿದರೆ ಹೆಮ್ಮೆ ಎಂದು ಅವರು ಹೇಳಿದ್ದರು. ಶಿಕ್ಷಕನ ಪಾತ್ರ ಕೇವಲ ಪಠ್ಯ ಬೋಧನೆಗೆ ಸೀಮಿತವಲ್ಲ. ಅವನು ವಿದ್ಯಾರ್ಥಿಗಳ ಕನಸುಗಳಿಗೆ ರೆಕ್ಕೆ ನೀಡುವವನು.
ಮನಸ್ಸನ್ನು ಅರಳಿಸುವ ಕಲೆ ಶಿಕ್ಷಕನಲ್ಲಿರಬೇಕು. ಒಳ್ಳೆಯ ಶಿಕ್ಷಕ ವಿದ್ಯಾರ್ಥಿಯ ದೌರ್ಬಲ್ಯಗಳನ್ನು ಗುರುತಿಸಿ ಅವುಗಳನ್ನು ಶಕ್ತಿಯನ್ನಾಗಿ ಪರಿವರ್ತಿಸುತ್ತಾನೆ. ನಮ್ಮ ಬದುಕಿನಲ್ಲಿ ಪ್ರಭಾವ ಬೀರಿದ ಶಿಕ್ಷಕರನ್ನು ನಾವು ಎಂದೂ ಮರೆಯುವುದಿಲ್ಲ. ಅವರ ಒಂದು ಮಾತು, ಒಂದು ಮೆಚ್ಚುಗೆ ನಮ್ಮ ಜೀವನದ ದಿಕ್ಕನ್ನೇ ಬದಲಿಸಿರುತ್ತದೆ.
ಮಾನವೀಯ ಮೌಲ್ಯಗಳನ್ನು ಬಿತ್ತುವ ಕೆಲಸ ಶಿಕ್ಷಕನದು. ಇಂದಿನ ಸ್ಪರ್ಧಾತ್ಮಕ ಜಗತ್ತಿನಲ್ಲಿ ಮಕ್ಕಳು ಒತ್ತಡಕ್ಕೆ ಒಳಗಾಗುತ್ತಿದ್ದಾರೆ. ಅವರಿಗೆ ಧೈರ್ಯ ತುಂಬಿ, ಸೋಲನ್ನು ಸ್ವೀಕರಿಸುವ ಮನೋಬಲ ನೀಡುವುದು ಶಿಕ್ಷಕನ ಹೊಣೆ. ಶಿಕ್ಷಕರು ಸಮಾಜದ ಕನ್ನಡಿ ಇದ್ದಂತೆ.
ಒಂದು ರಾಷ್ಟ್ರದ ಮೌಲ್ಯ ಅಲ್ಲಿನ ಶಿಕ್ಷಕರ
ಗುಣಮಟ್ಟದ ಮೇಲೆ ನಿರ್ಧರಿಸಲ್ಪಡುತ್ತದೆ.
ಅಷ್ಟೇ ಅಲ್ಲದೇ ಇಂತಹ ಸನ್ನಿವೇಶಗಳು ಒಂದು ಸುಶಿಕ್ಷಿತ ಸಮಾಜದ ಕನಸಿನ ಭವಿಷ್ಯಕ್ಕೆ ಅಡ್ಡಿಯಾಗುತ್ತವೆ. ಶಿಕ್ಷಕ ವೃತ್ತಿಯ ಘನತೆಯನ್ನು ಎತ್ತಿಹಿಡಿಯಬೇಕು. ಶಿಕ್ಷಕರ ಗುಣಮಟ್ಟ ಹೆಚ್ಚಿದಂತೆ ಶಿಕ್ಷಣದ ಗುಣಮಟ್ಟವೂ ಹೆಚ್ಚುತ್ತದೆ. ಒಂದು ರಾಷ್ಟ್ರದ ಮೌಲ್ಯ ಅಲ್ಲಿನ ಶಿಕ್ಷಕರ ಗುಣಮಟ್ಟದ ಮೇಲೆ ನಿರ್ಧರಿಸಲ್ಪಡುತ್ತದೆ ಎಂಬ ಮಾತು ಸತ್ಯ.
ಮಾನವೀಯ ಮೌಲ್ಯಗಳನ್ನು ಬಿತ್ತುವ ಕೆಲಸ ಶಿಕ್ಷಕನದು. ಇಂದಿನ ಸ್ಪರ್ಧಾತ್ಮಕ ಜಗತ್ತಿನಲ್ಲಿ ಮಕ್ಕಳು ಒತ್ತಡಕ್ಕೆ ಒಳಗಾಗುತ್ತಿದ್ದಾರೆ. ಅವರಿಗೆ ಧೈರ್ಯ ತುಂಬಿ, ಸೋಲನ್ನು ಸ್ವೀಕರಿಸುವ ಮನೋಬಲ ನೀಡುವುದು ಶಿಕ್ಷಕನ ಹೊಣೆ. ಶಿಕ್ಷಕರು ಸಮಾಜದ ಕನ್ನಡಿ ಇದ್ದಂತೆ.
ತನ್ನನ್ನು ತಾನು ಹೊಂದಿಸಿಕೊಳ್ಳುತ್ತಾ ತಮ್ಮ ಪಾತ್ರ ಮತ್ತು ಜವಾಬ್ದಾರಿಯನ್ನು ಶಿಕ್ಷಕರು ಅರಿಯಬೇಕು. ತಮ್ಮ ಮೌಲ್ಯವನ್ನು ತಾವೇ ಹೆಚ್ಚಿಸಿಕೊಳ್ಳಬೇಕು. ಹೀಗೆ ಒಂದು ನಾಗರಿಕ ಸಮಾಜವನ್ನು ಉತ್ತಮ ದಿಕ್ಕಿನತ್ತ ಕೊಂಡೊಯ್ಯುವ ಶಿಕ್ಷಕನೇ ಸುಂದರ ನಾಳೆಗಳ ದಿಕ್ಸೂಚಿ. ಶಿಕ್ಷಕರ ದಿನದಂದು ಎಲ್ಲ ಶಿಕ್ಷಕರಿಗೆ ನಮನ.
